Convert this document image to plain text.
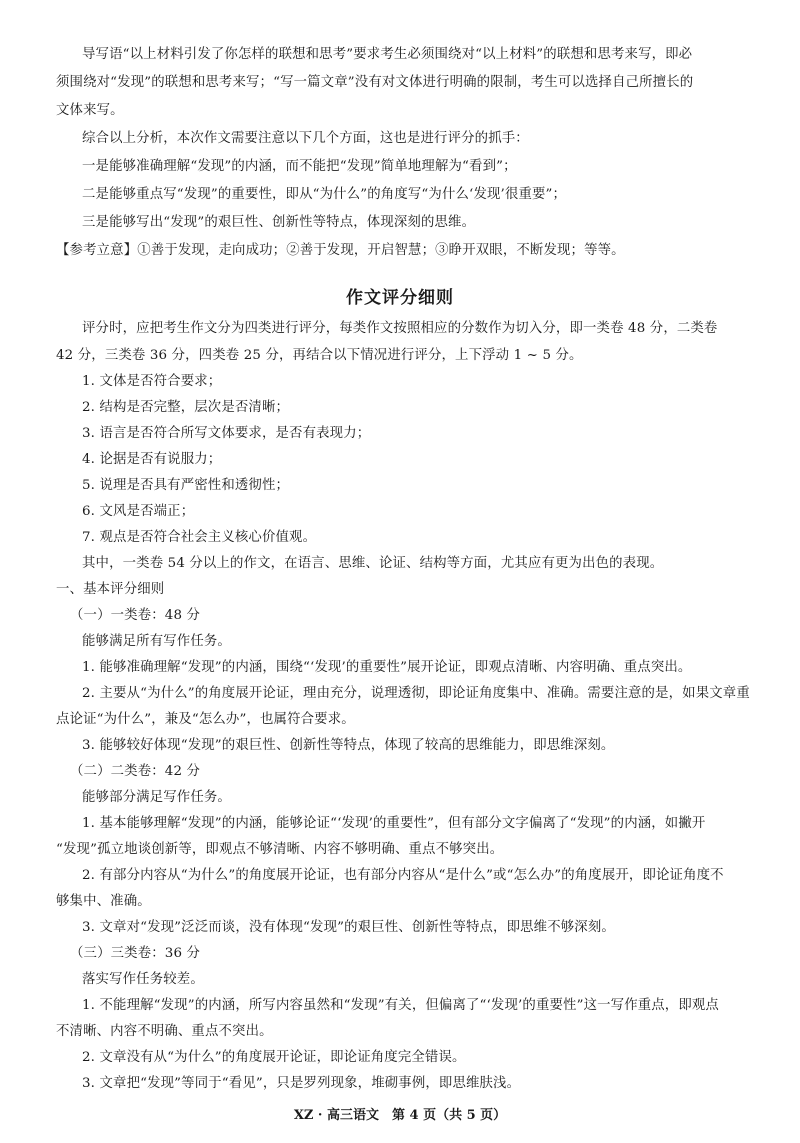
导写语“以上材料引发了你怎样的联想和思考”要求考生必须围绕对“以上材料”的联想和思考来写，即必
须围绕对“发现”的联想和思考来写；“写一篇文章”没有对文体进行明确的限制，考生可以选择自己所擅长的
文体来写。
综合以上分析，本次作文需要注意以下几个方面，这也是进行评分的抓手：
一是能够准确理解“发现”的内涵，而不能把“发现”简单地理解为“看到”；
二是能够重点写“发现”的重要性，即从“为什么”的角度写“为什么‘发现’很重要”；
三是能够写出“发现”的艰巨性、创新性等特点，体现深刻的思维。
【参考立意】①善于发现，走向成功；②善于发现，开启智慧；③睁开双眼，不断发现；等等。
作文评分细则
评分时，应把考生作文分为四类进行评分，每类作文按照相应的分数作为切入分，即一类卷 48 分，二类卷
42 分，三类卷 36 分，四类卷 25 分，再结合以下情况进行评分，上下浮动 1 ~ 5 分。
1. 文体是否符合要求；
2. 结构是否完整，层次是否清晰；
3. 语言是否符合所写文体要求，是否有表现力；
4. 论据是否有说服力；
5. 说理是否具有严密性和透彻性；
6. 文风是否端正；
7. 观点是否符合社会主义核心价值观。
其中，一类卷 54 分以上的作文，在语言、思维、论证、结构等方面，尤其应有更为出色的表现。
一、基本评分细则
（一）一类卷：48 分
能够满足所有写作任务。
1. 能够准确理解“发现”的内涵，围绕“‘发现’的重要性”展开论证，即观点清晰、内容明确、重点突出。
2. 主要从“为什么”的角度展开论证，理由充分，说理透彻，即论证角度集中、准确。需要注意的是，如果文章重
点论证“为什么”，兼及“怎么办”，也属符合要求。
3. 能够较好体现“发现”的艰巨性、创新性等特点，体现了较高的思维能力，即思维深刻。
（二）二类卷：42 分
能够部分满足写作任务。
1. 基本能够理解“发现”的内涵，能够论证“‘发现’的重要性”，但有部分文字偏离了“发现”的内涵，如撇开
“发现”孤立地谈创新等，即观点不够清晰、内容不够明确、重点不够突出。
2. 有部分内容从“为什么”的角度展开论证，也有部分内容从“是什么”或“怎么办”的角度展开，即论证角度不
够集中、准确。
3. 文章对“发现”泛泛而谈，没有体现“发现”的艰巨性、创新性等特点，即思维不够深刻。
（三）三类卷：36 分
落实写作任务较差。
1. 不能理解“发现”的内涵，所写内容虽然和“发现”有关，但偏离了“‘发现’的重要性”这一写作重点，即观点
不清晰、内容不明确、重点不突出。
2. 文章没有从“为什么”的角度展开论证，即论证角度完全错误。
3. 文章把“发现”等同于“看见”，只是罗列现象，堆砌事例，即思维肤浅。
XZ · 高三语文　第 4 页（共 5 页）
